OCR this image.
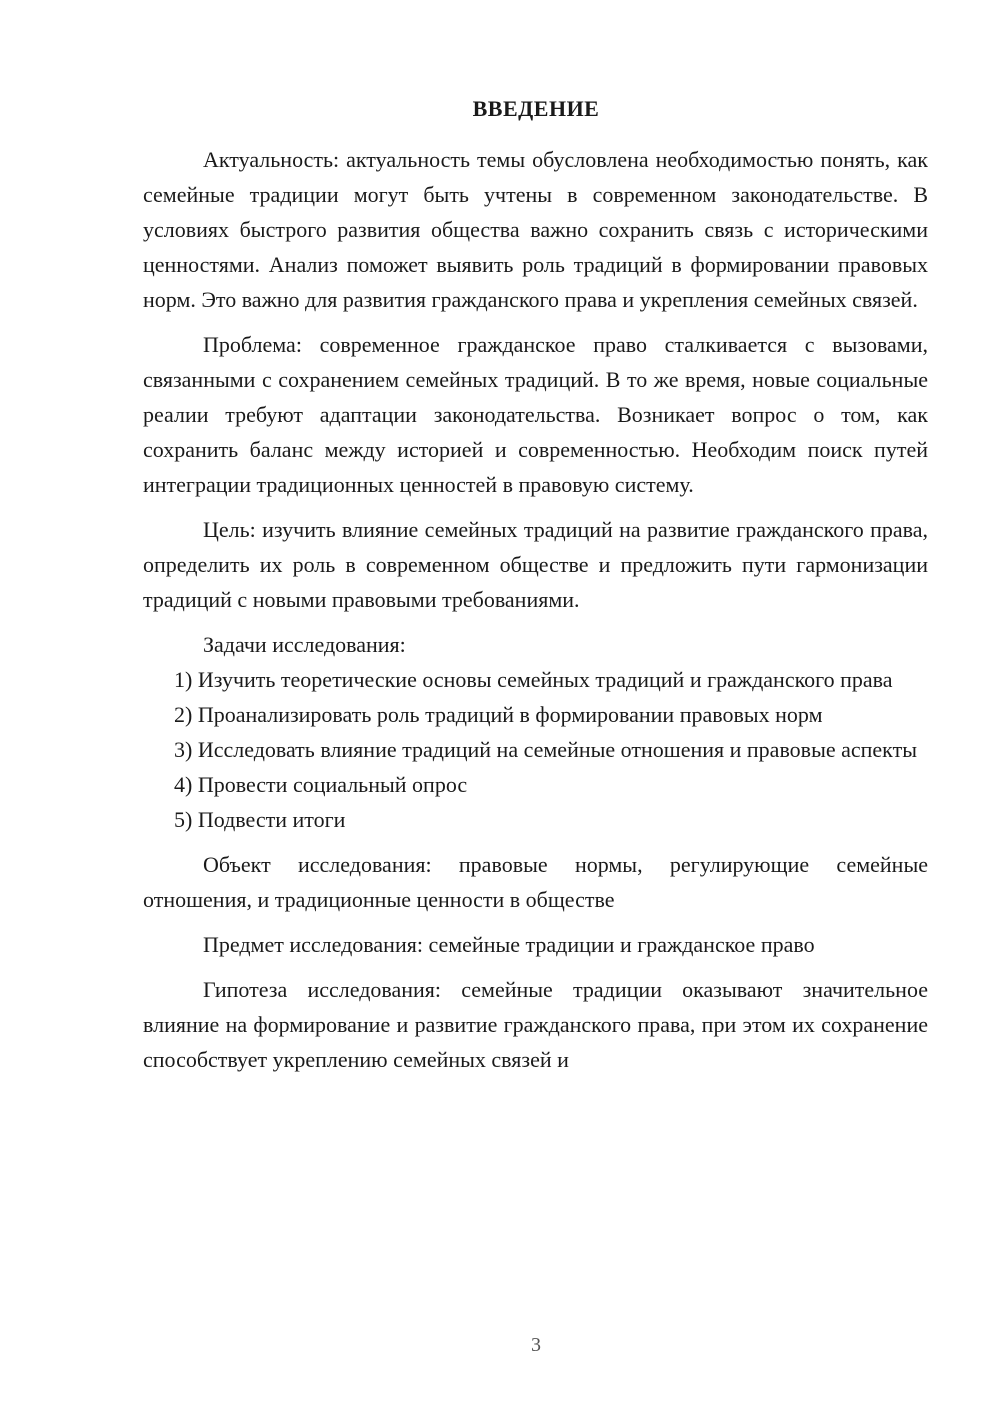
ВВЕДЕНИЕ

Актуальность: актуальность темы обусловлена необходимостью понять, как семейные традиции могут быть учтены в современном законодательстве. В условиях быстрого развития общества важно сохранить связь с историческими ценностями. Анализ поможет выявить роль традиций в формировании правовых норм. Это важно для развития гражданского права и укрепления семейных связей.

Проблема: современное гражданское право сталкивается с вызовами, связанными с сохранением семейных традиций. В то же время, новые социальные реалии требуют адаптации законодательства. Возникает вопрос о том, как сохранить баланс между историей и современностью. Необходим поиск путей интеграции традиционных ценностей в правовую систему.

Цель: изучить влияние семейных традиций на развитие гражданского права, определить их роль в современном обществе и предложить пути гармонизации традиций с новыми правовыми требованиями.

Задачи исследования:

1) Изучить теоретические основы семейных традиций и гражданского права

2) Проанализировать роль традиций в формировании правовых норм

3) Исследовать влияние традиций на семейные отношения и правовые аспекты

4) Провести социальный опрос

5) Подвести итоги

Объект исследования: правовые нормы, регулирующие семейные отношения, и традиционные ценности в обществе

Предмет исследования: семейные традиции и гражданское право

Гипотеза исследования: семейные традиции оказывают значительное влияние на формирование и развитие гражданского права, при этом их сохранение способствует укреплению семейных связей и

3
